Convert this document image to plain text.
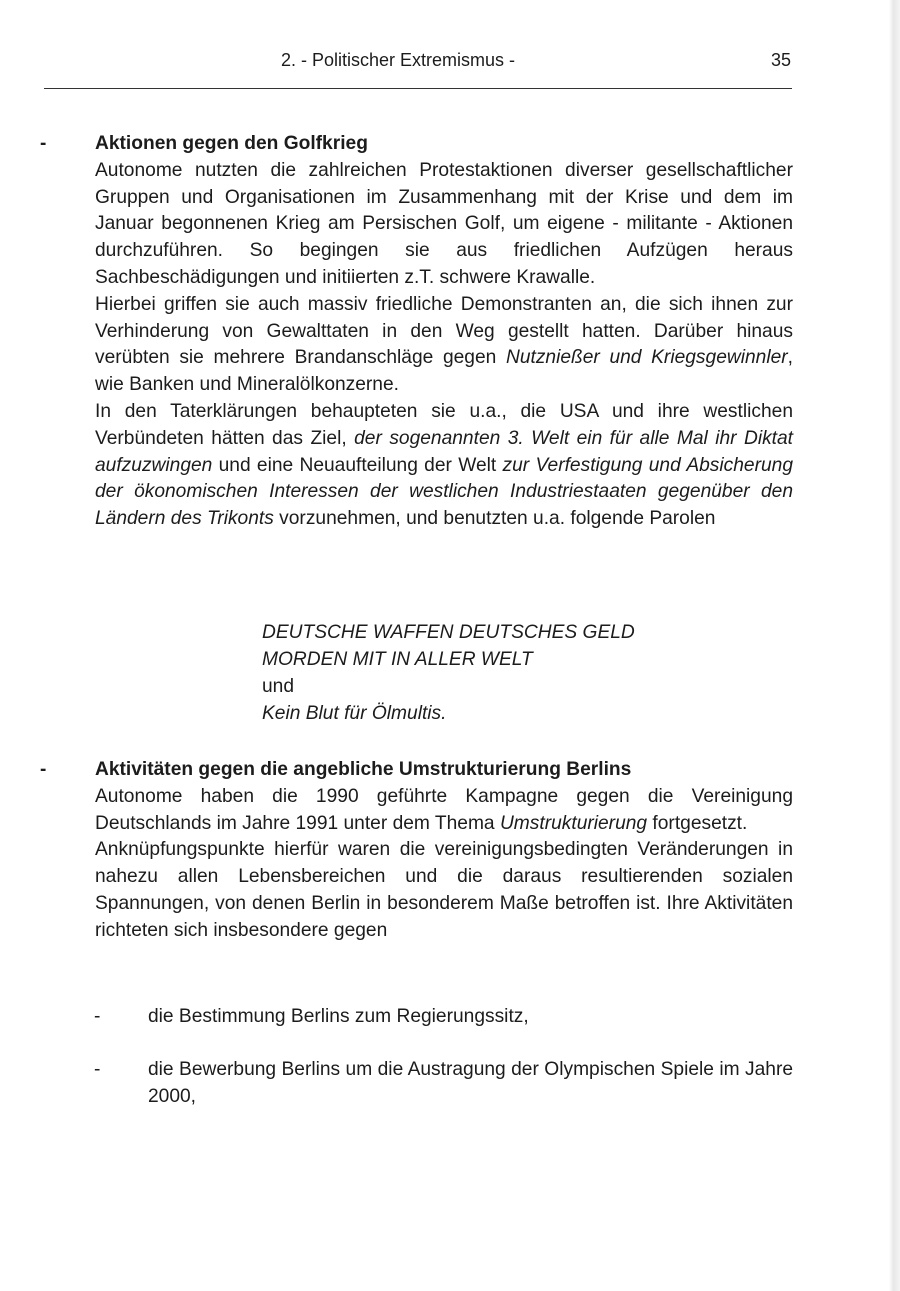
2. - Politischer Extremismus -	35
-	Aktionen gegen den Golfkrieg

Autonome nutzten die zahlreichen Protestaktionen diverser gesellschaftlicher Gruppen und Organisationen im Zusammenhang mit der Krise und dem im Januar begonnenen Krieg am Persischen Golf, um eigene - militante - Aktionen durchzuführen. So begingen sie aus friedlichen Aufzügen heraus Sachbeschädigungen und initiierten z.T. schwere Krawalle.

Hierbei griffen sie auch massiv friedliche Demonstranten an, die sich ihnen zur Verhinderung von Gewalttaten in den Weg gestellt hatten. Darüber hinaus verübten sie mehrere Brandanschläge gegen Nutznießer und Kriegsgewinnler, wie Banken und Mineralölkonzerne.

In den Taterklärungen behaupteten sie u.a., die USA und ihre westlichen Verbündeten hätten das Ziel, der sogenannten 3. Welt ein für alle Mal ihr Diktat aufzuzwingen und eine Neuaufteilung der Welt zur Verfestigung und Absicherung der ökonomischen Interessen der westlichen Industriestaaten gegenüber den Ländern des Trikonts vorzunehmen, und benutzten u.a. folgende Parolen

DEUTSCHE WAFFEN DEUTSCHES GELD
MORDEN MIT IN ALLER WELT
und
Kein Blut für Ölmultis.
-	Aktivitäten gegen die angebliche Umstrukturierung Berlins

Autonome haben die 1990 geführte Kampagne gegen die Vereinigung Deutschlands im Jahre 1991 unter dem Thema Umstrukturierung fortgesetzt.

Anknüpfungspunkte hierfür waren die vereinigungsbedingten Veränderungen in nahezu allen Lebensbereichen und die daraus resultierenden sozialen Spannungen, von denen Berlin in besonderem Maße betroffen ist. Ihre Aktivitäten richteten sich insbesondere gegen

- die Bestimmung Berlins zum Regierungssitz,
- die Bewerbung Berlins um die Austragung der Olympischen Spiele im Jahre 2000,
